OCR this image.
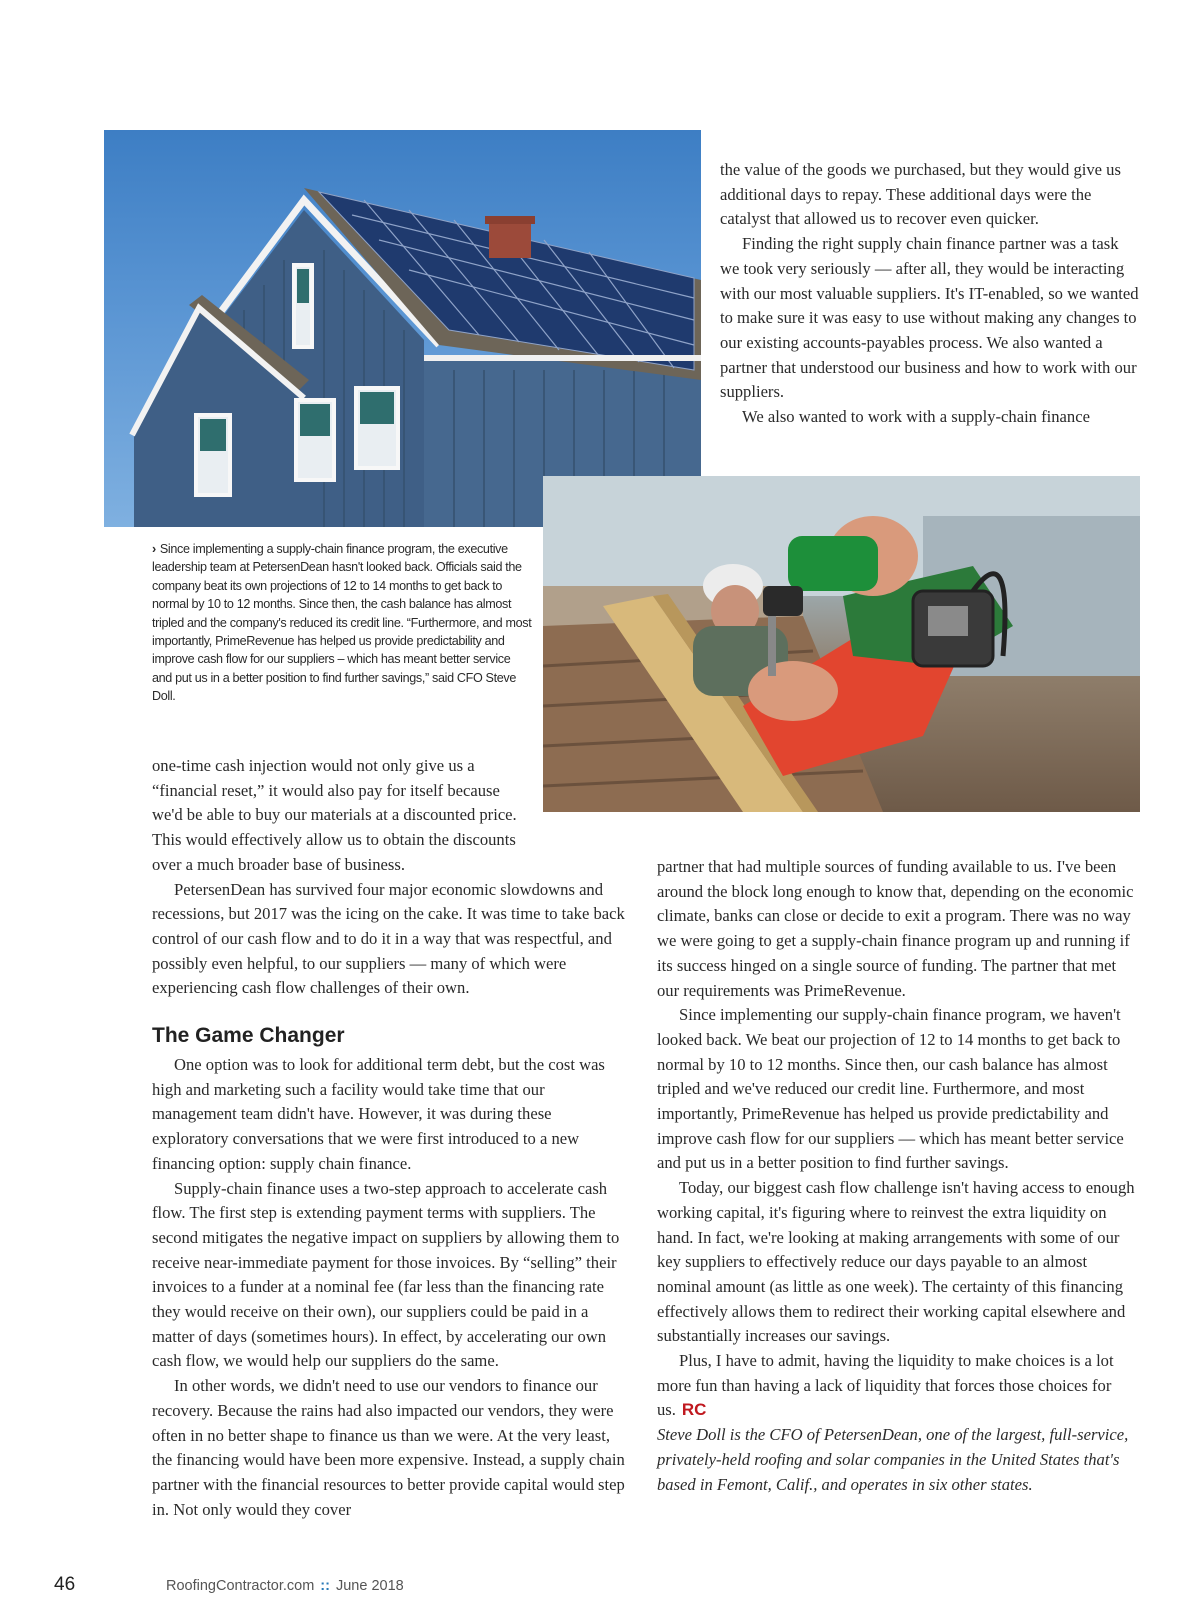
› Since implementing a supply-chain finance program, the executive leadership team at PetersenDean hasn't looked back. Officials said the company beat its own projections of 12 to 14 months to get back to normal by 10 to 12 months. Since then, the cash balance has almost tripled and the company's reduced its credit line. “Furthermore, and most importantly, PrimeRevenue has helped us provide predictability and improve cash flow for our suppliers – which has meant better service and put us in a better position to find further savings,” said CFO Steve Doll.

the value of the goods we purchased, but they would give us additional days to repay. These additional days were the catalyst that allowed us to recover even quicker.

Finding the right supply chain finance partner was a task we took very seriously — after all, they would be interacting with our most valuable suppliers. It's IT-enabled, so we wanted to make sure it was easy to use without making any changes to our existing accounts-payables process. We also wanted a partner that understood our business and how to work with our suppliers.

We also wanted to work with a supply-chain finance

one-time cash injection would not only give us a “financial reset,” it would also pay for itself because we'd be able to buy our materials at a discounted price. This would effectively allow us to obtain the discounts over a much broader base of business.

PetersenDean has survived four major economic slowdowns and recessions, but 2017 was the icing on the cake. It was time to take back control of our cash flow and to do it in a way that was respectful, and possibly even helpful, to our suppliers — many of which were experiencing cash flow challenges of their own.

The Game Changer

One option was to look for additional term debt, but the cost was high and marketing such a facility would take time that our management team didn't have. However, it was during these exploratory conversations that we were first introduced to a new financing option: supply chain finance.

Supply-chain finance uses a two-step approach to accelerate cash flow. The first step is extending payment terms with suppliers. The second mitigates the negative impact on suppliers by allowing them to receive near-immediate payment for those invoices. By “selling” their invoices to a funder at a nominal fee (far less than the financing rate they would receive on their own), our suppliers could be paid in a matter of days (sometimes hours). In effect, by accelerating our own cash flow, we would help our suppliers do the same.

In other words, we didn't need to use our vendors to finance our recovery. Because the rains had also impacted our vendors, they were often in no better shape to finance us than we were. At the very least, the financing would have been more expensive. Instead, a supply chain partner with the financial resources to better provide capital would step in. Not only would they cover

partner that had multiple sources of funding available to us. I've been around the block long enough to know that, depending on the economic climate, banks can close or decide to exit a program. There was no way we were going to get a supply-chain finance program up and running if its success hinged on a single source of funding. The partner that met our requirements was PrimeRevenue.

Since implementing our supply-chain finance program, we haven't looked back. We beat our projection of 12 to 14 months to get back to normal by 10 to 12 months. Since then, our cash balance has almost tripled and we've reduced our credit line. Furthermore, and most importantly, PrimeRevenue has helped us provide predictability and improve cash flow for our suppliers — which has meant better service and put us in a better position to find further savings.

Today, our biggest cash flow challenge isn't having access to enough working capital, it's figuring where to reinvest the extra liquidity on hand. In fact, we're looking at making arrangements with some of our key suppliers to effectively reduce our days payable to an almost nominal amount (as little as one week). The certainty of this financing effectively allows them to redirect their working capital elsewhere and substantially increases our savings.

Plus, I have to admit, having the liquidity to make choices is a lot more fun than having a lack of liquidity that forces those choices for us. RC

Steve Doll is the CFO of PetersenDean, one of the largest, full-service, privately-held roofing and solar companies in the United States that's based in Femont, Calif., and operates in six other states.

46	RoofingContractor.com :: June 2018
